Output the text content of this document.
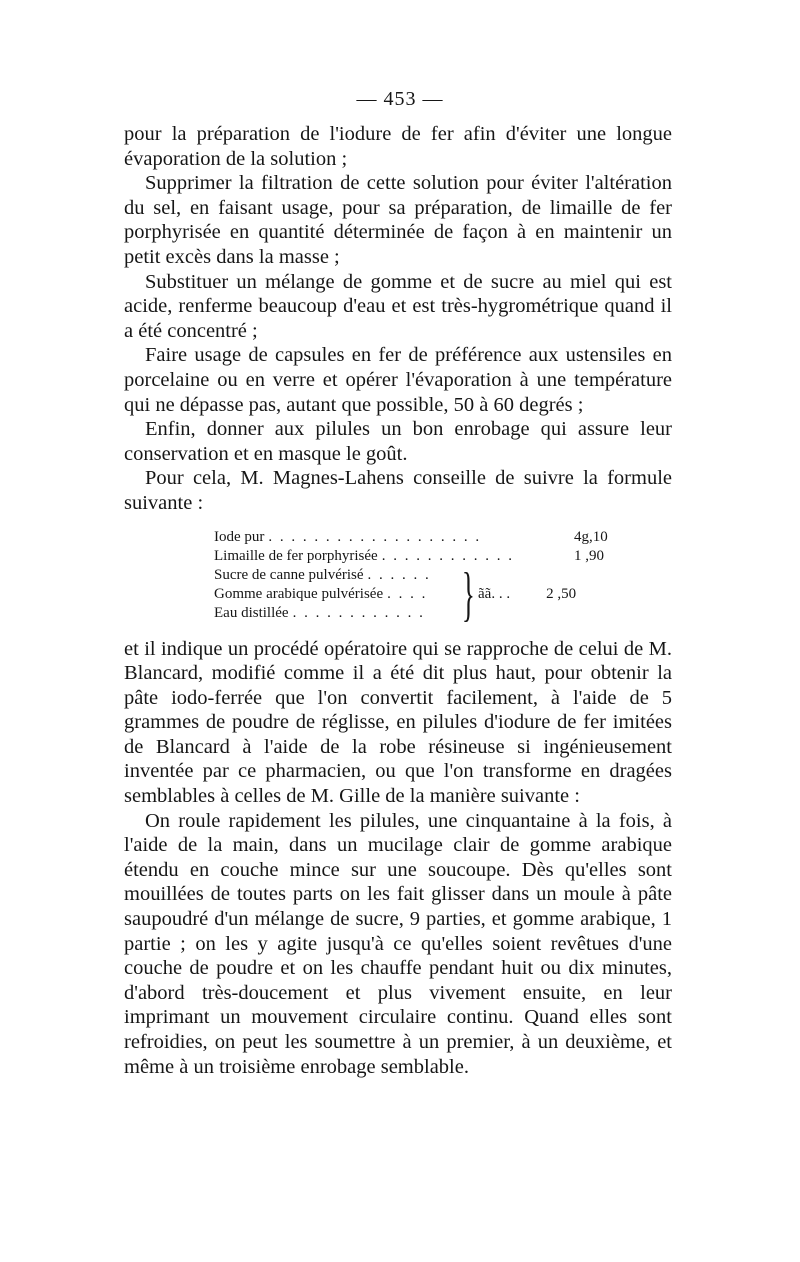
— 453 —

pour la préparation de l'iodure de fer afin d'éviter une longue évaporation de la solution ;

Supprimer la filtration de cette solution pour éviter l'altération du sel, en faisant usage, pour sa préparation, de limaille de fer porphyrisée en quantité déterminée de façon à en maintenir un petit excès dans la masse ;

Substituer un mélange de gomme et de sucre au miel qui est acide, renferme beaucoup d'eau et est très-hygrométrique quand il a été concentré ;

Faire usage de capsules en fer de préférence aux ustensiles en porcelaine ou en verre et opérer l'évaporation à une température qui ne dépasse pas, autant que possible, 50 à 60 degrés ;

Enfin, donner aux pilules un bon enrobage qui assure leur conservation et en masque le goût.

Pour cela, M. Magnes-Lahens conseille de suivre la formule suivante :

Iode pur . . . . . . . . . . . . . . . . . . .	4g,10
Limaille de fer porphyrisée . . . . . . . . . . . .	1 ,90
Sucre de canne pulvérisé . . . . . .
Gomme arabique pulvérisée . . . .
Eau distillée . . . . . . . . . . . . } ãã. . . 2 ,50

et il indique un procédé opératoire qui se rapproche de celui de M. Blancard, modifié comme il a été dit plus haut, pour obtenir la pâte iodo-ferrée que l'on convertit facilement, à l'aide de 5 grammes de poudre de réglisse, en pilules d'iodure de fer imitées de Blancard à l'aide de la robe résineuse si ingénieusement inventée par ce pharmacien, ou que l'on transforme en dragées semblables à celles de M. Gille de la manière suivante :

On roule rapidement les pilules, une cinquantaine à la fois, à l'aide de la main, dans un mucilage clair de gomme arabique étendu en couche mince sur une soucoupe. Dès qu'elles sont mouillées de toutes parts on les fait glisser dans un moule à pâte saupoudré d'un mélange de sucre, 9 parties, et gomme arabique, 1 partie ; on les y agite jusqu'à ce qu'elles soient revêtues d'une couche de poudre et on les chauffe pendant huit ou dix minutes, d'abord très-doucement et plus vivement ensuite, en leur imprimant un mouvement circulaire continu. Quand elles sont refroidies, on peut les soumettre à un premier, à un deuxième, et même à un troisième enrobage semblable.
